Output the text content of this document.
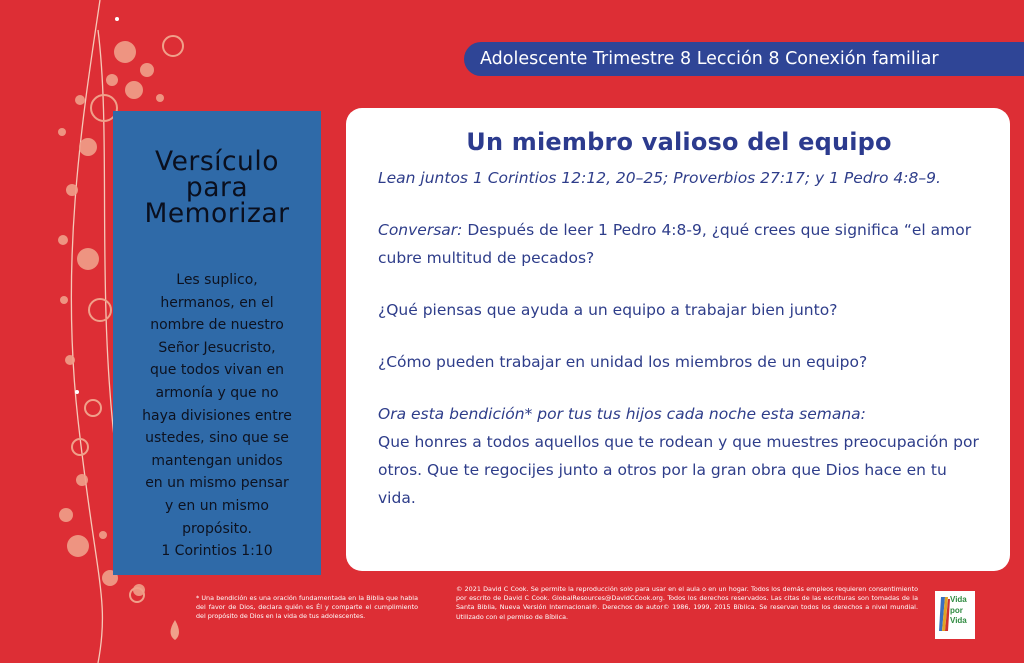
Adolescente Trimestre 8 Lección 8 Conexión familiar
Versículo
para
Memorizar
Les suplico,
hermanos, en el
nombre de nuestro
Señor Jesucristo,
que todos vivan en
armonía y que no
haya divisiones entre
ustedes, sino que se
mantengan unidos
en un mismo pensar
y en un mismo
propósito.
1 Corintios 1:10
Un miembro valioso del equipo

Lean juntos 1 Corintios 12:12, 20–25; Proverbios 27:17; y 1 Pedro 4:8–9.

Conversar: Después de leer 1 Pedro 4:8-9, ¿qué crees que significa “el amor cubre multitud de pecados?

¿Qué piensas que ayuda a un equipo a trabajar bien junto?

¿Cómo pueden trabajar en unidad los miembros de un equipo?

Ora esta bendición* por tus tus hijos cada noche esta semana:

Que honres a todos aquellos que te rodean y que muestres preocupación por otros. Que te regocijes junto a otros por la gran obra que Dios hace en tu vida.

* Una bendición es una oración fundamentada en la Biblia que habla del favor de Dios, declara quién es Él y comparte el cumplimiento del propósito de Dios en la vida de tus adolescentes.
© 2021 David C Cook. Se permite la reproducción solo para usar en el aula o en un hogar. Todos los demás empleos requieren consentimiento por escrito de David C Cook. GlobalResources@DavidCCook.org. Todos los derechos reservados. Las citas de las escrituras son tomadas de la Santa Biblia, Nueva Versión Internacional®. Derechos de autor© 1986, 1999, 2015 Bíblica. Se reservan todos los derechos a nivel mundial. Utilizado con el permiso de Bíblica.
Vida
por
Vida
